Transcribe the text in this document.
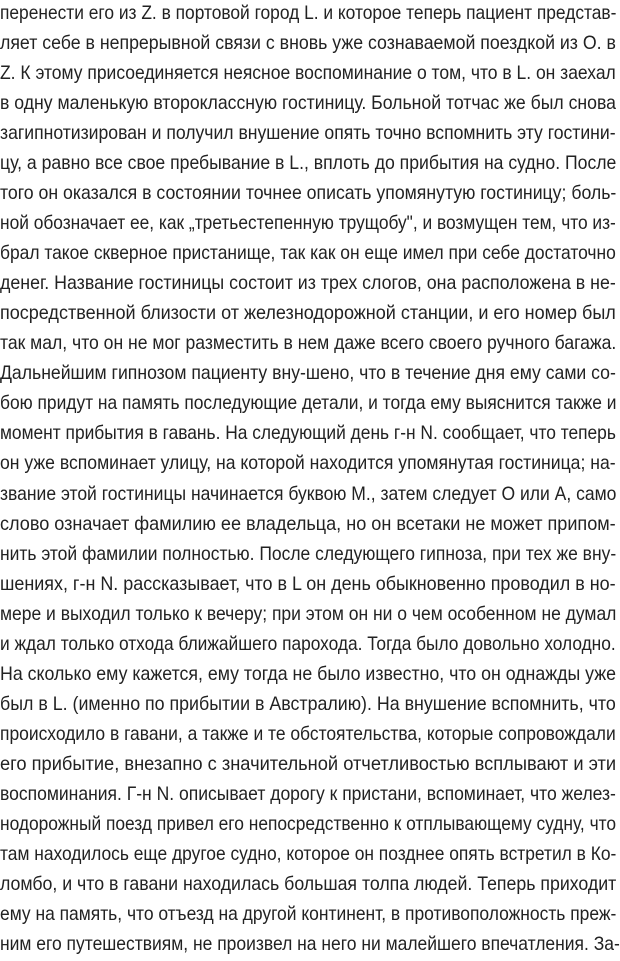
перенести его из Z. в портовой город L. и которое теперь пациент представ-
ляет себе в непрерывной связи с вновь уже сознаваемой поездкой из О. в
Z. К этому присоединяется неясное воспоминание о том, что в L. он заехал
в одну маленькую второклассную гостиницу. Больной тотчас же был снова
загипнотизирован и получил внушение опять точно вспомнить эту гостини-
цу, а равно все свое пребывание в L., вплоть до прибытия на судно. После
того он оказался в состоянии точнее описать упомянутую гостиницу; боль-
ной обозначает ее, как „третьестепенную трущобу", и возмущен тем, что из-
брал такое скверное пристанище, так как он еще имел при себе достаточно
денег. Название гостиницы состоит из трех слогов, она расположена в не-
посредственной близости от железнодорожной станции, и его номер был
так мал, что он не мог разместить в нем даже всего своего ручного багажа.
Дальнейшим гипнозом пациенту вну-шено, что в течение дня ему сами со-
бою придут на память последующие детали, и тогда ему выяснится также и
момент прибытия в гавань. На следующий день г-н N. сообщает, что теперь
он уже вспоминает улицу, на которой находится упомянутая гостиница; на-
звание этой гостиницы начинается буквою М., затем следует О или А, само
слово означает фамилию ее владельца, но он всетаки не может припом-
нить этой фамилии полностью. После следующего гипноза, при тех же вну-
шениях, г-н N. рассказывает, что в L он день обыкновенно проводил в но-
мере и выходил только к вечеру; при этом он ни о чем особенном не думал
и ждал только отхода ближайшего парохода. Тогда было довольно холодно.
На сколько ему кажется, ему тогда не было известно, что он однажды уже
был в L. (именно по прибытии в Австралию). На внушение вспомнить, что
происходило в гавани, а также и те обстоятельства, которые сопровождали
его прибытие, внезапно с значительной отчетливостью всплывают и эти
воспоминания. Г-н N. описывает дорогу к пристани, вспоминает, что желез-
нодорожный поезд привел его непосредственно к отплывающему судну, что
там находилось еще другое судно, которое он позднее опять встретил в Ко-
ломбо, и что в гавани находилась большая толпа людей. Теперь приходит
ему на память, что отъезд на другой континент, в противоположность преж-
ним его путешествиям, не произвел на него ни малейшего впечатления. За-
